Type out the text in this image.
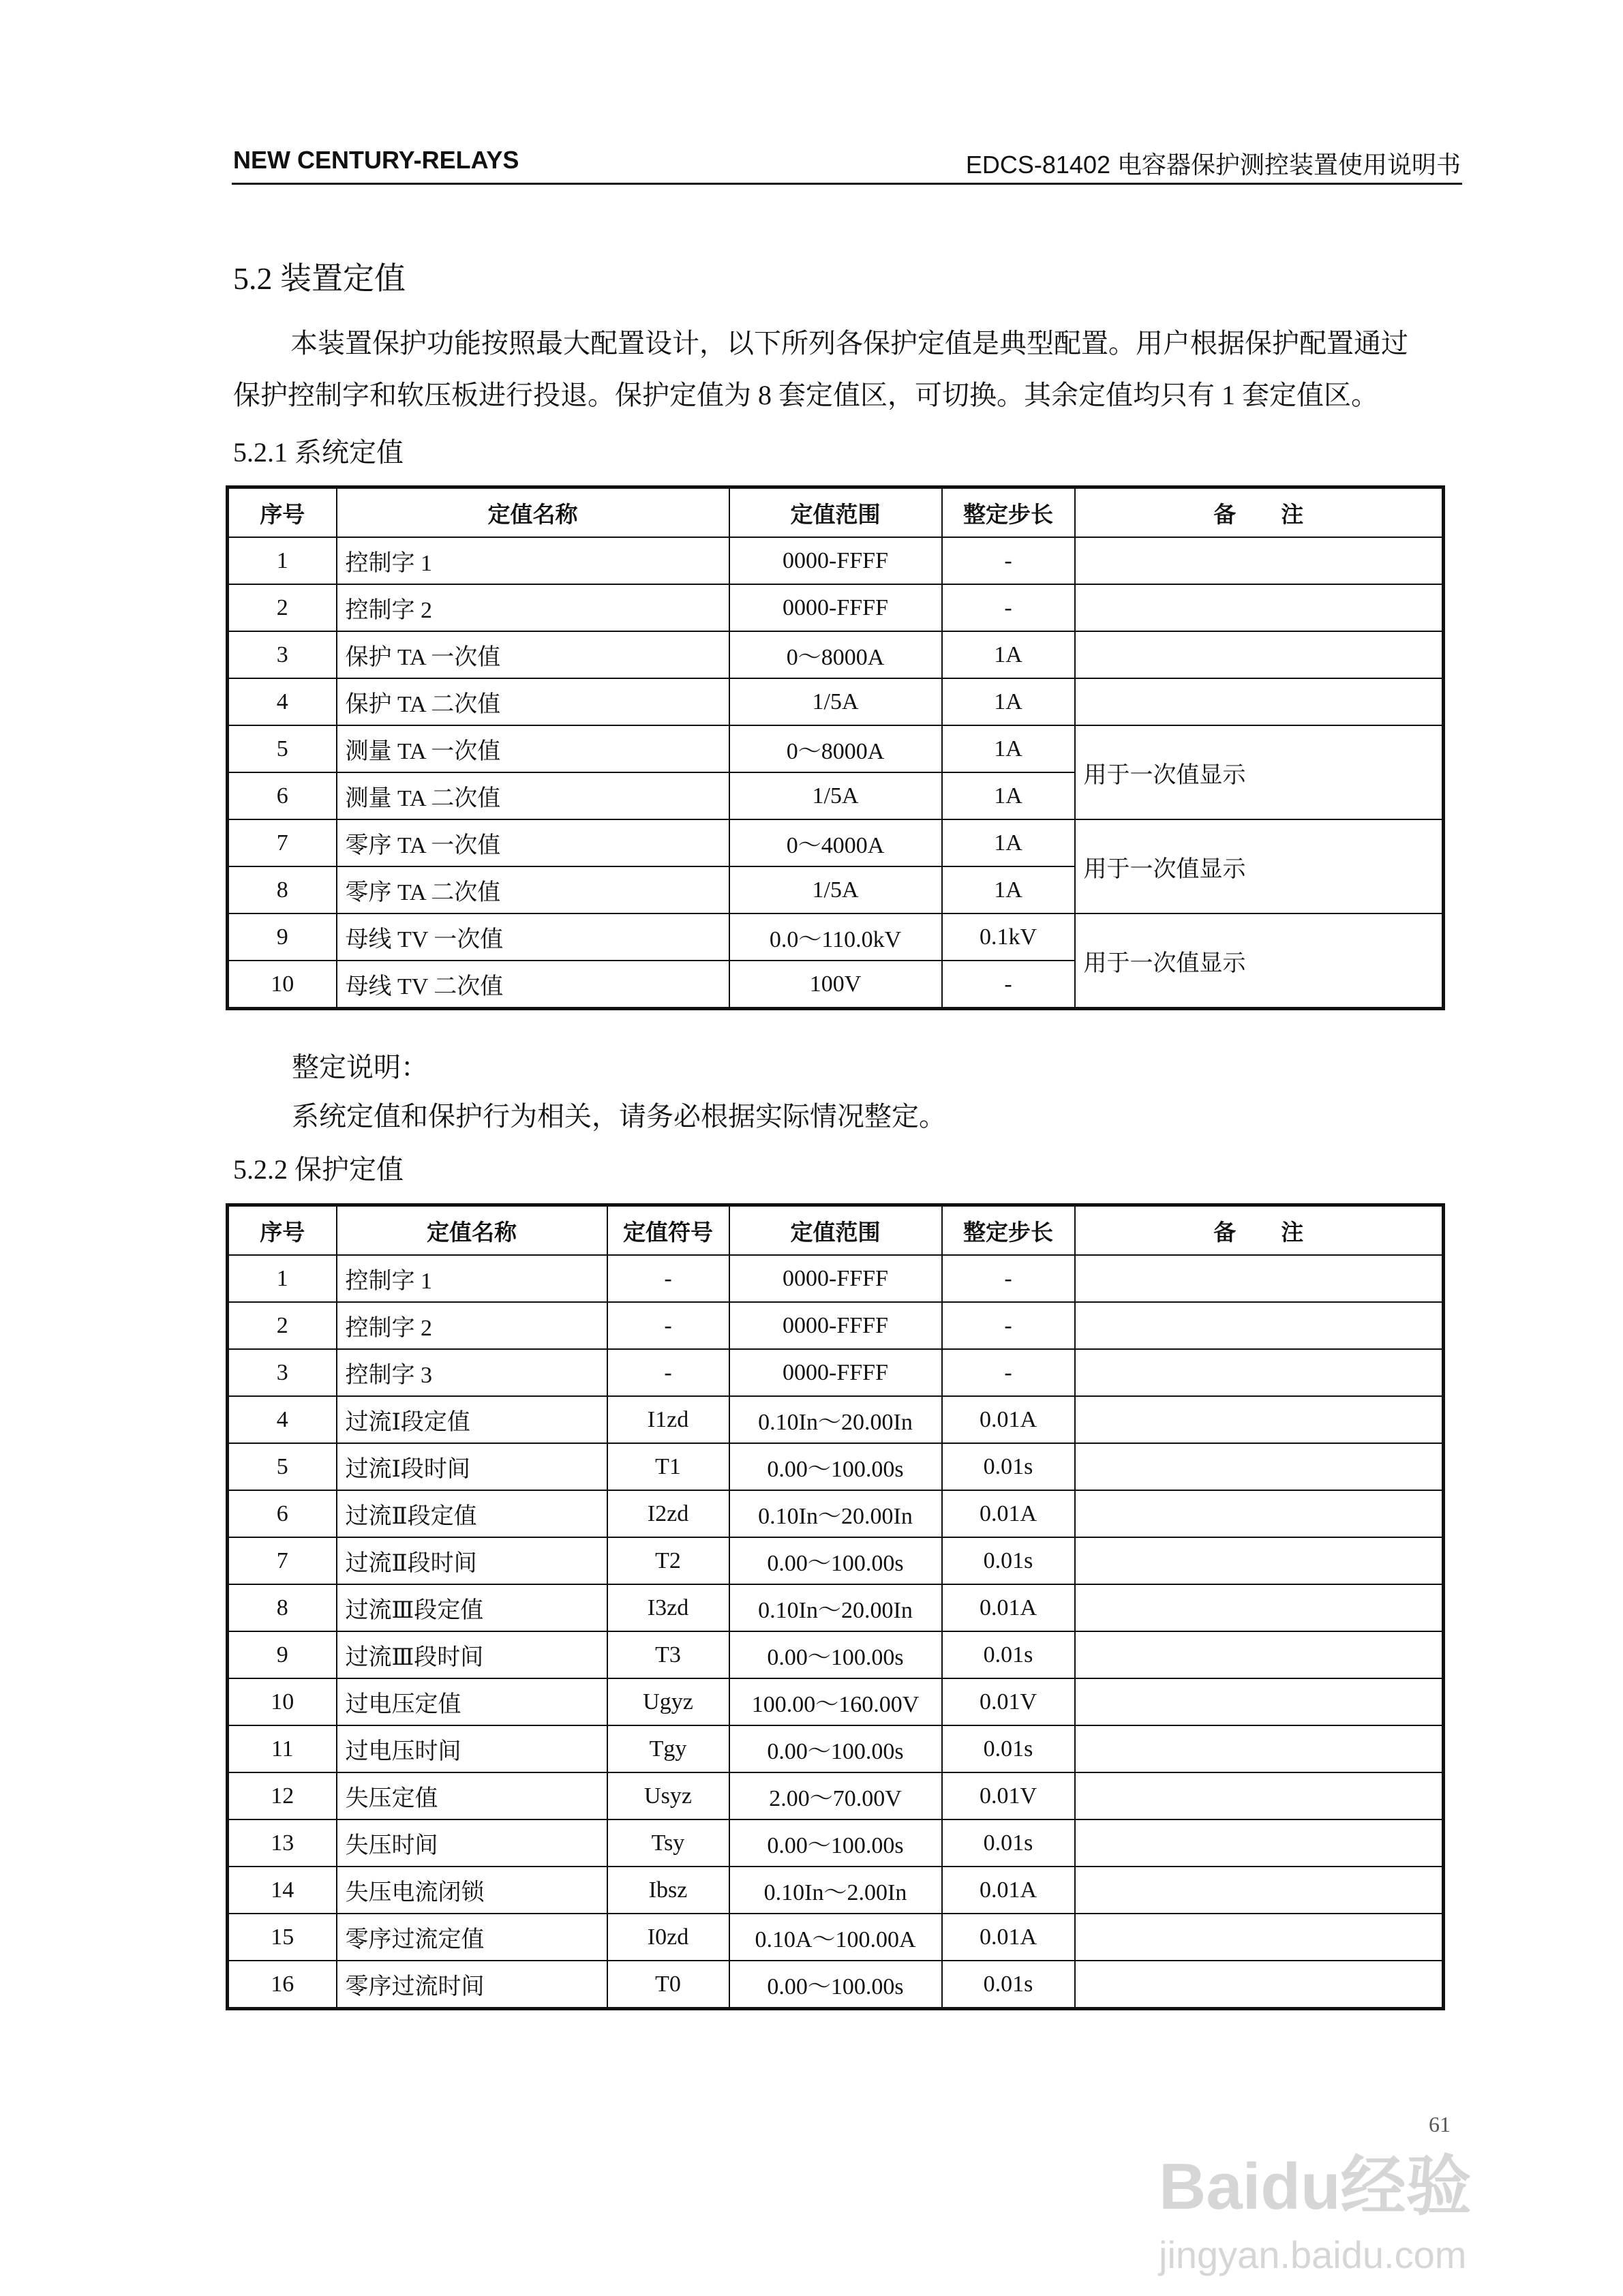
NEW CENTURY-RELAYS	EDCS-81402 电容器保护测控装置使用说明书
5.2 装置定值
本装置保护功能按照最大配置设计，以下所列各保护定值是典型配置。用户根据保护配置通过
保护控制字和软压板进行投退。保护定值为 8 套定值区，可切换。其余定值均只有 1 套定值区。
5.2.1 系统定值
序号	定值名称	定值范围	整定步长	备　　注
1	控制字 1	0000-FFFF	-	
2	控制字 2	0000-FFFF	-	
3	保护 TA 一次值	0～8000A	1A	
4	保护 TA 二次值	1/5A	1A	
5	测量 TA 一次值	0～8000A	1A	用于一次值显示
6	测量 TA 二次值	1/5A	1A	
7	零序 TA 一次值	0～4000A	1A	用于一次值显示
8	零序 TA 二次值	1/5A	1A	
9	母线 TV 一次值	0.0～110.0kV	0.1kV	用于一次值显示
10	母线 TV 二次值	100V	-	
整定说明：
系统定值和保护行为相关，请务必根据实际情况整定。
5.2.2 保护定值
序号	定值名称	定值符号	定值范围	整定步长	备　　注
1	控制字 1	-	0000-FFFF	-	
2	控制字 2	-	0000-FFFF	-	
3	控制字 3	-	0000-FFFF	-	
4	过流Ⅰ段定值	I1zd	0.10In～20.00In	0.01A	
5	过流Ⅰ段时间	T1	0.00～100.00s	0.01s	
6	过流Ⅱ段定值	I2zd	0.10In～20.00In	0.01A	
7	过流Ⅱ段时间	T2	0.00～100.00s	0.01s	
8	过流Ⅲ段定值	I3zd	0.10In～20.00In	0.01A	
9	过流Ⅲ段时间	T3	0.00～100.00s	0.01s	
10	过电压定值	Ugyz	100.00～160.00V	0.01V	
11	过电压时间	Tgy	0.00～100.00s	0.01s	
12	失压定值	Usyz	2.00～70.00V	0.01V	
13	失压时间	Tsy	0.00～100.00s	0.01s	
14	失压电流闭锁	Ibsz	0.10In～2.00In	0.01A	
15	零序过流定值	I0zd	0.10A～100.00A	0.01A	
16	零序过流时间	T0	0.00～100.00s	0.01s	
61
Baidu经验
jingyan.baidu.com
